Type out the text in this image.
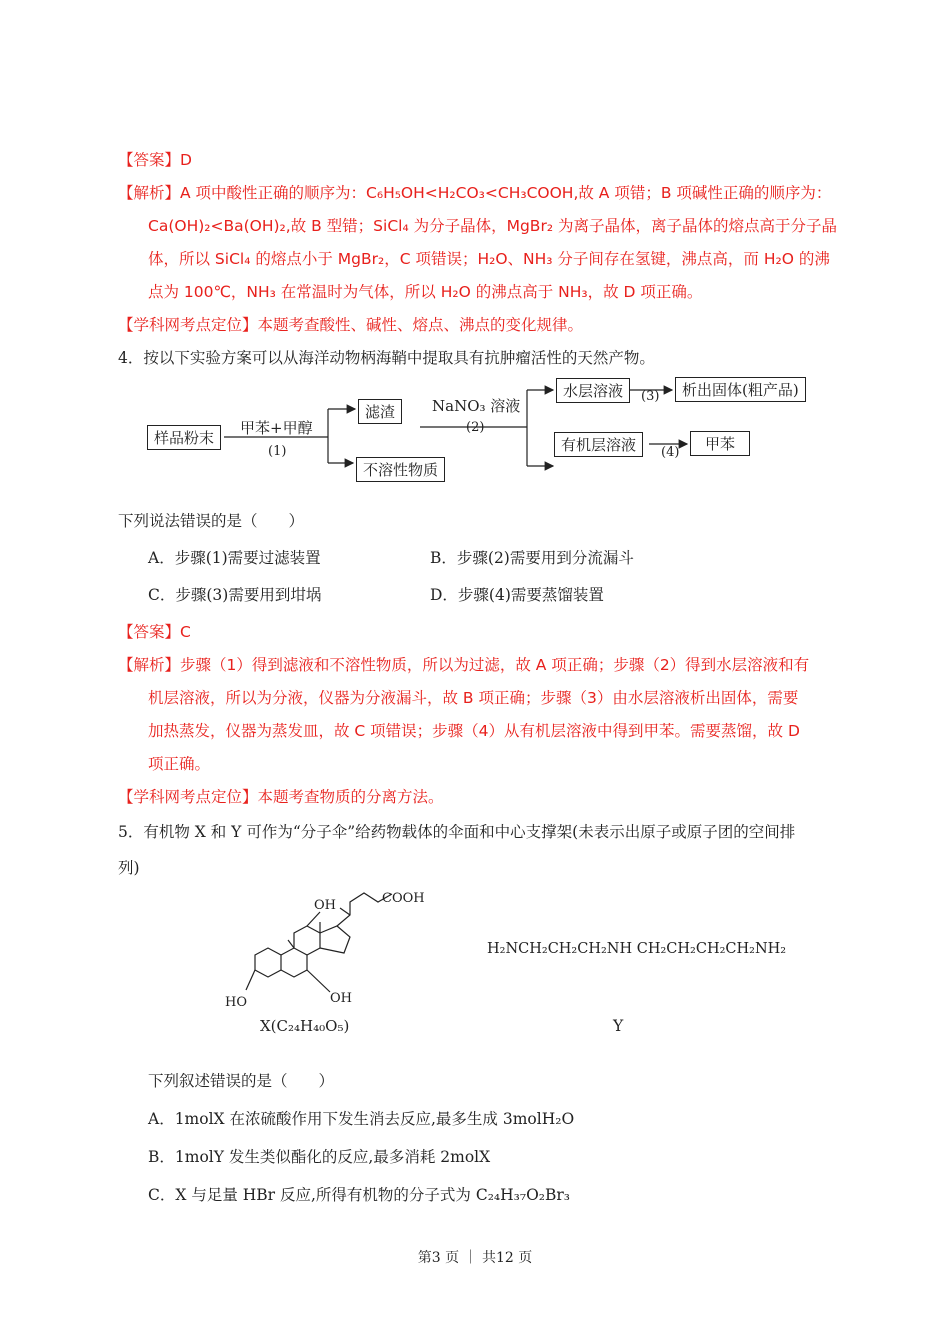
【答案】D
【解析】A 项中酸性正确的顺序为：C₆H₅OH<H₂CO₃<CH₃COOH,故 A 项错；B 项碱性正确的顺序为：
Ca(OH)₂<Ba(OH)₂,故 B 型错；SiCl₄ 为分子晶体，MgBr₂ 为离子晶体，离子晶体的熔点高于分子晶
体，所以 SiCl₄ 的熔点小于 MgBr₂，C 项错误；H₂O、NH₃ 分子间存在氢键，沸点高，而 H₂O 的沸
点为 100℃，NH₃ 在常温时为气体，所以 H₂O 的沸点高于 NH₃，故 D 项正确。
【学科网考点定位】本题考查酸性、碱性、熔点、沸点的变化规律。
4．按以下实验方案可以从海洋动物柄海鞘中提取具有抗肿瘤活性的天然产物。
样品粉末
甲苯+甲醇
(1)
滤渣
不溶性物质
NaNO₃ 溶液
(2)
水层溶液	(3)	析出固体(粗产品)
有机层溶液	(4)	甲苯
下列说法错误的是（　　）
A．步骤(1)需要过滤装置	B．步骤(2)需要用到分流漏斗
C．步骤(3)需要用到坩埚	D．步骤(4)需要蒸馏装置
【答案】C
【解析】步骤（1）得到滤液和不溶性物质，所以为过滤，故 A 项正确；步骤（2）得到水层溶液和有
机层溶液，所以为分液，仪器为分液漏斗，故 B 项正确；步骤（3）由水层溶液析出固体，需要
加热蒸发，仪器为蒸发皿，故 C 项错误；步骤（4）从有机层溶液中得到甲苯。需要蒸馏，故 D
项正确。
【学科网考点定位】本题考查物质的分离方法。
5．有机物 X 和 Y 可作为“分子伞”给药物载体的伞面和中心支撑架(未表示出原子或原子团的空间排
列)
OH	COOH
HO	OH
X(C₂₄H₄₀O₅)
H₂NCH₂CH₂CH₂NH CH₂CH₂CH₂CH₂NH₂
Y
下列叙述错误的是（　　）
A．1molX 在浓硫酸作用下发生消去反应,最多生成 3molH₂O
B．1molY 发生类似酯化的反应,最多消耗 2molX
C．X 与足量 HBr 反应,所得有机物的分子式为 C₂₄H₃₇O₂Br₃
第3 页 ｜ 共12 页
